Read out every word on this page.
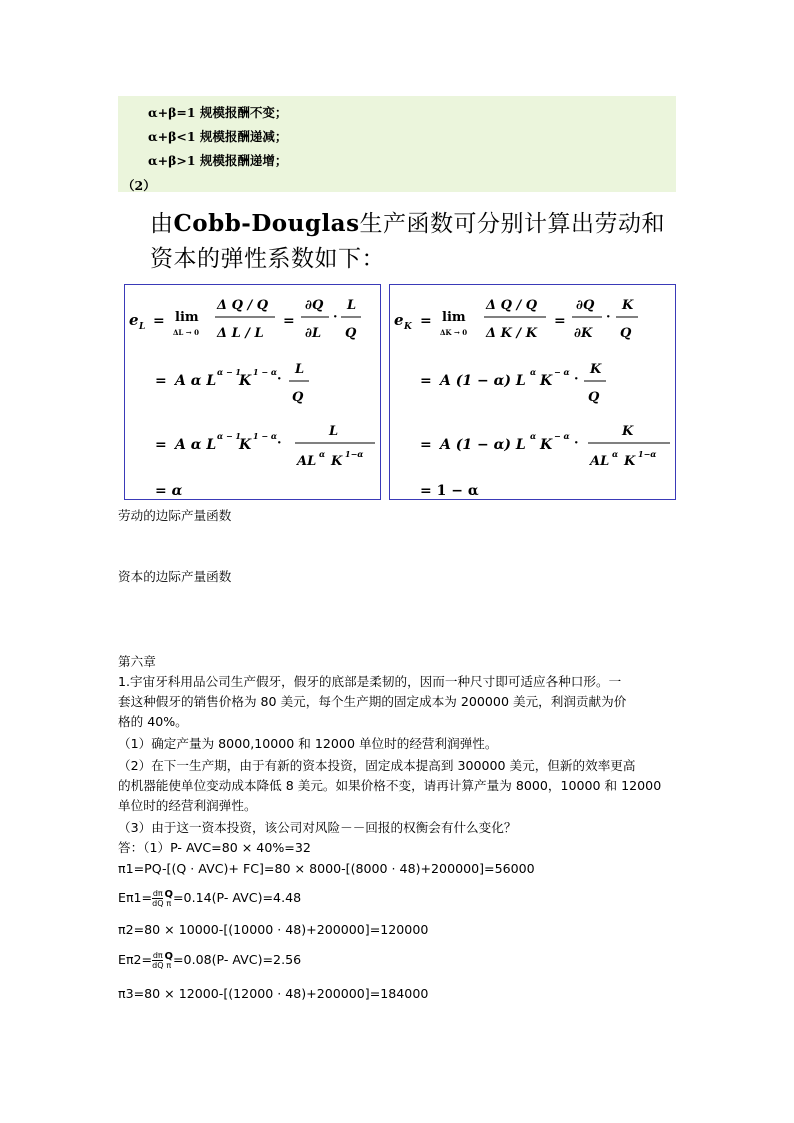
α+β=1 规模报酬不变；
α+β<1 规模报酬递减；
α+β>1 规模报酬递增；
（2）
由Cobb-Douglas生产函数可分别计算出劳动和
资本的弹性系数如下：
e L = lim
ΔL → 0
Δ Q / Q
Δ L / L
=
∂Q
∂L
·
L
Q
= A α L
α − 1
K
1 − α ·
L
Q
= A α L
α − 1
K
1 − α ·
L
AL α K 1−α
= α
e K = lim
ΔK → 0
Δ Q / Q
Δ K / K
=
∂Q
∂K
·
K
Q
= A (1 − α) L
α
K
− α ·
K
Q
= A (1 − α) L
α
K
− α ·
K
AL α K 1−α
= 1 − α
劳动的边际产量函数
资本的边际产量函数
第六章
1.宇宙牙科用品公司生产假牙，假牙的底部是柔韧的，因而一种尺寸即可适应各种口形。一
套这种假牙的销售价格为 80 美元，每个生产期的固定成本为 200000 美元，利润贡献为价
格的 40%。
（1）确定产量为 8000,10000 和 12000 单位时的经营利润弹性。
（2）在下一生产期，由于有新的资本投资，固定成本提高到 300000 美元，但新的效率更高
的机器能使单位变动成本降低 8 美元。如果价格不变，请再计算产量为 8000，10000 和 12000
单位时的经营利润弹性。
（3）由于这一资本投资，该公司对风险－－回报的权衡会有什么变化？
答：（1）P- AVC=80 × 40%=32
π1=PQ-[(Q · AVC)+ FC]=80 × 8000-[(8000 · 48)+200000]=56000
$E\pi 1= \frac{d\pi}{dQ}$ Q
π =0.14(P- AVC)=4.48
π2=80 × 10000-[(10000 · 48)+200000]=120000
$E\pi 2= \frac{d\pi}{dQ}$ Q
π =0.08(P- AVC)=2.56
π3=80 × 12000-[(12000 · 48)+200000]=184000
